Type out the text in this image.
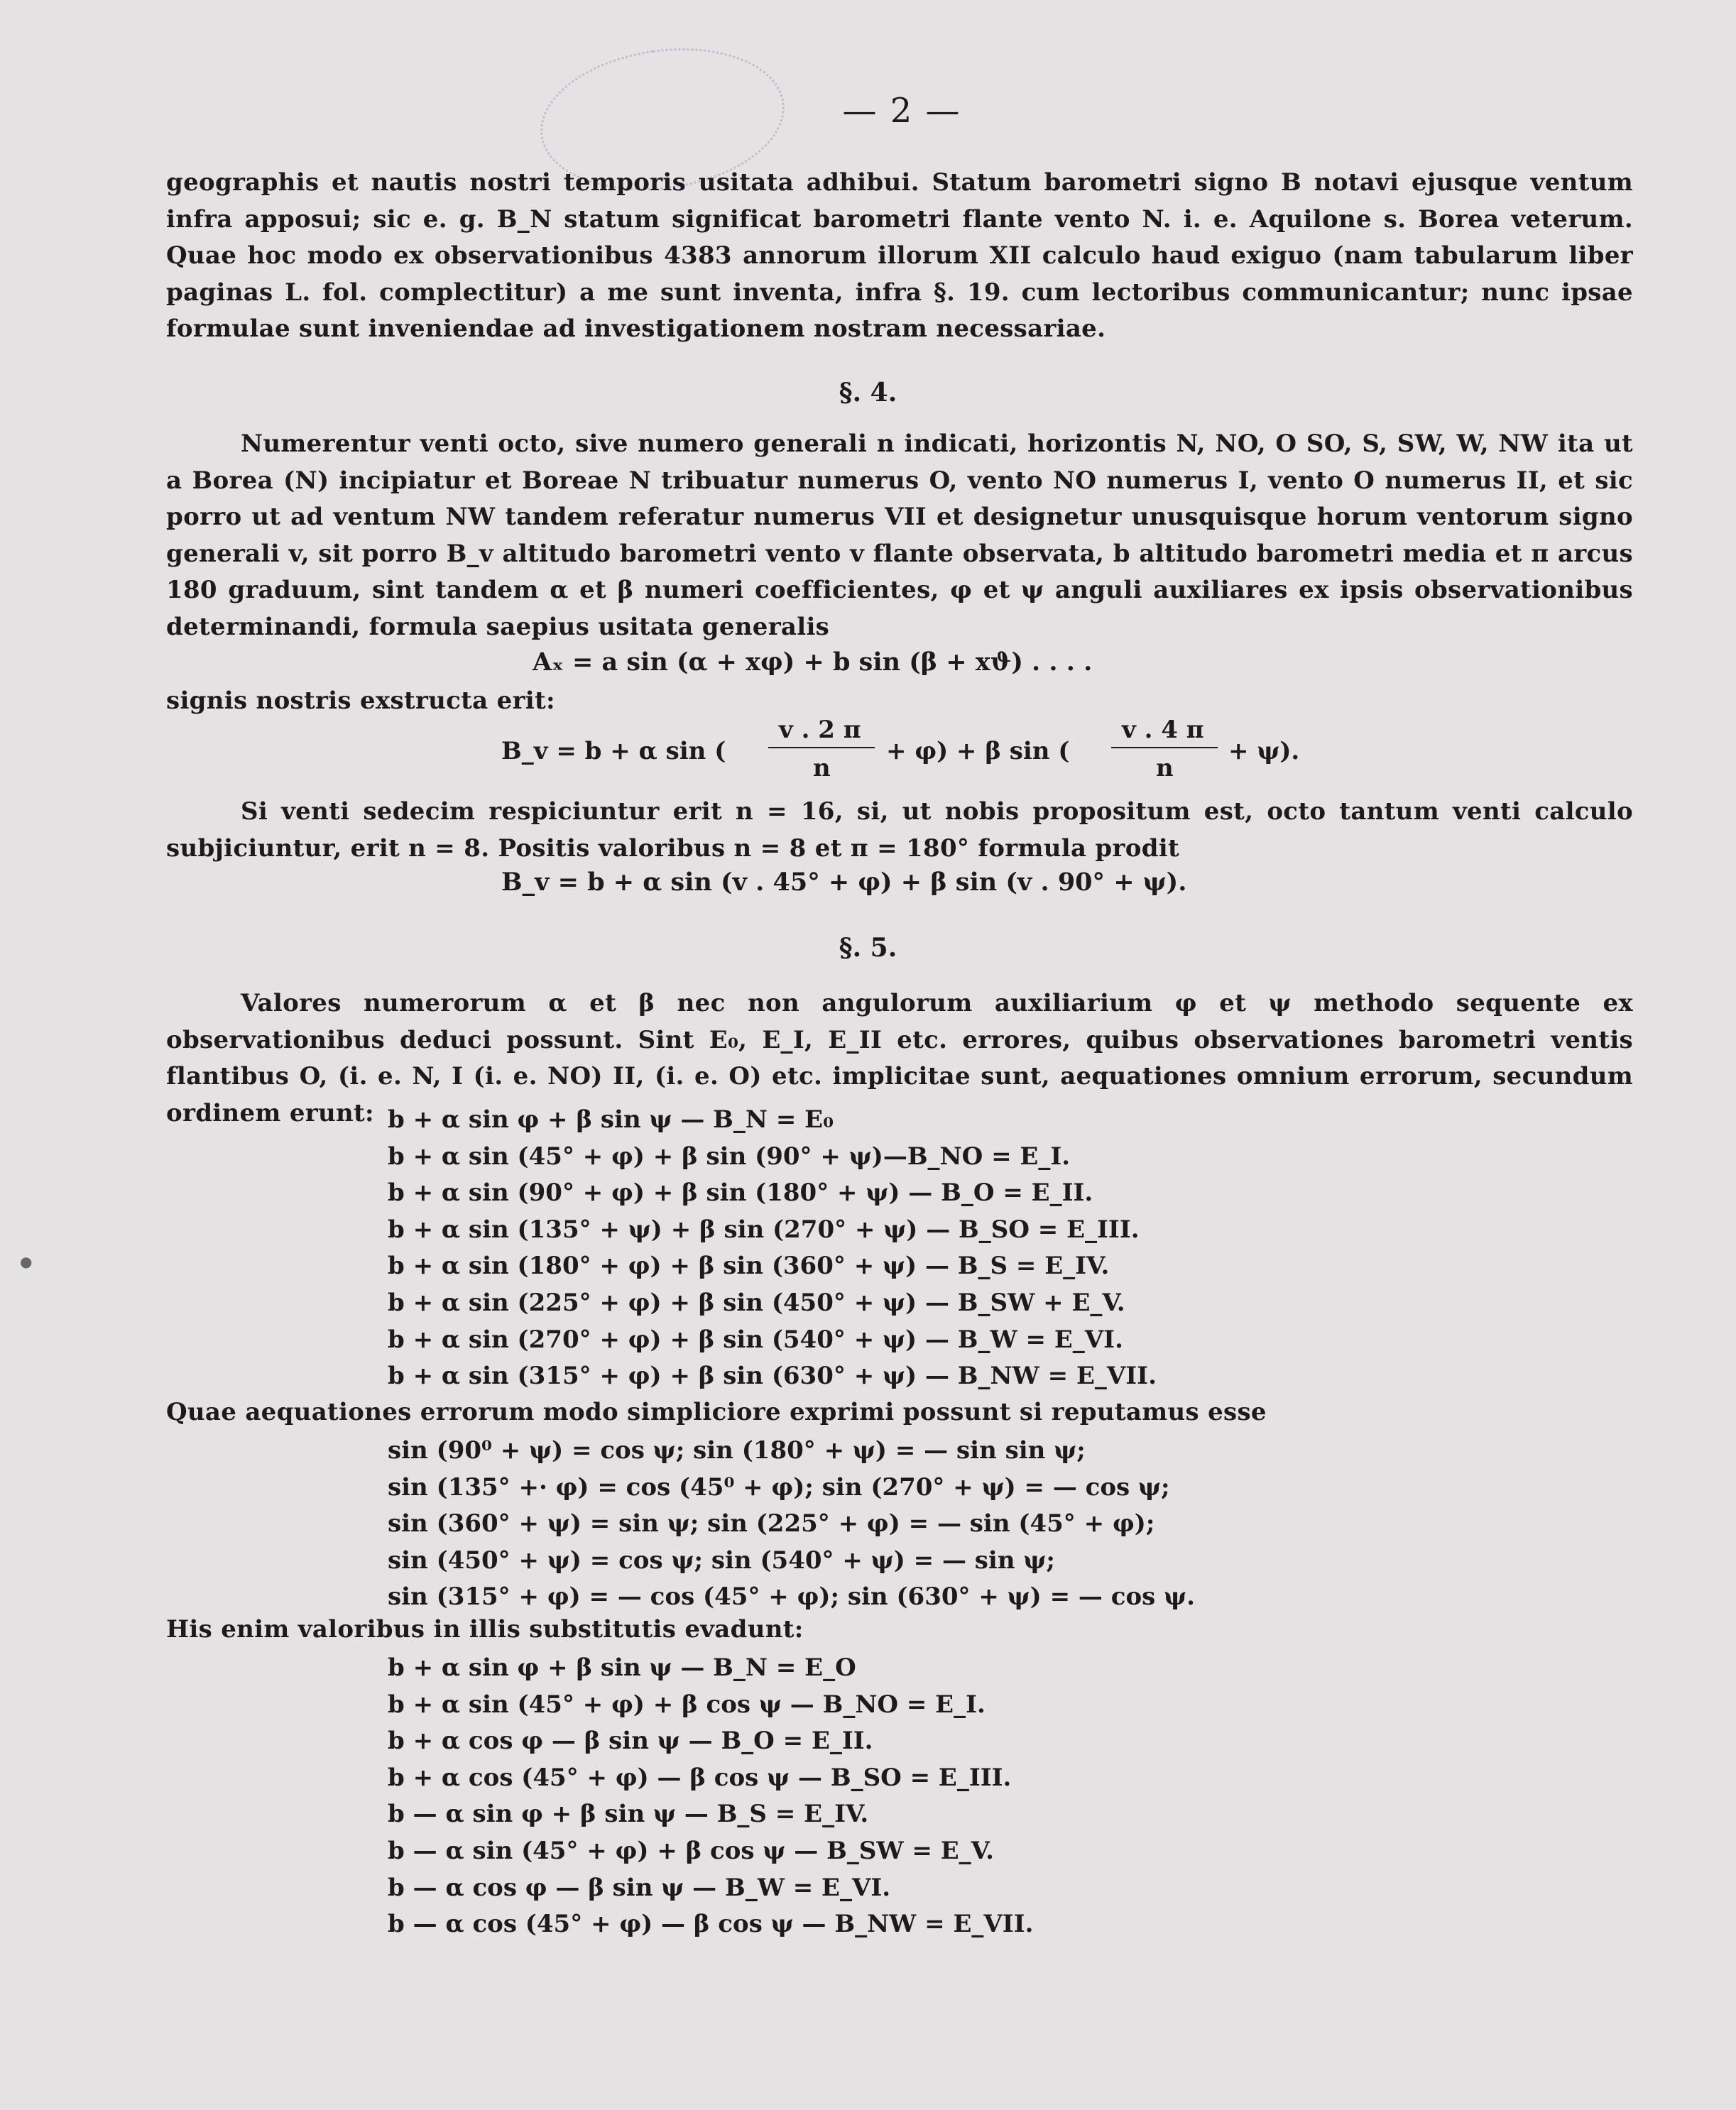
— 2 —
geographis et nautis nostri temporis usitata adhibui. Statum barometri signo B notavi ejusque ventum infra apposui; sic e. g. B_N statum significat barometri flante vento N. i. e. Aquilone s. Borea veterum. Quae hoc modo ex observationibus 4383 annorum illorum XII calculo haud exiguo (nam tabularum liber paginas L. fol. complectitur) a me sunt inventa, infra §. 19. cum lectoribus communicantur; nunc ipsae formulae sunt inveniendae ad investigationem nostram necessariae.
§. 4.
Numerentur venti octo, sive numero generali n indicati, horizontis N, NO, O SO, S, SW, W, NW ita ut a Borea (N) incipiatur et Boreae N tribuatur numerus O, vento NO numerus I, vento O numerus II, et sic porro ut ad ventum NW tandem referatur numerus VII et designetur unusquisque horum ventorum signo generali v, sit porro B_v altitudo barometri vento v flante observata, b altitudo barometri media et π arcus 180 graduum, sint tandem α et β numeri coefficientes, φ et ψ anguli auxiliares ex ipsis observationibus determinandi, formula saepius usitata generalis
Aₓ = a sin (α + xφ) + b sin (β + xϑ) . . . .
signis nostris exstructa erit:
B_v = b + α sin (
v . 2 π
n
+ φ) + β sin (
v . 4 π
n
+ ψ).
Si venti sedecim respiciuntur erit n = 16, si, ut nobis propositum est, octo tantum venti calculo subjiciuntur, erit n = 8. Positis valoribus n = 8 et π = 180° formula prodit
B_v = b + α sin (v . 45° + φ) + β sin (v . 90° + ψ).
§. 5.
Valores numerorum α et β nec non angulorum auxiliarium φ et ψ methodo sequente ex observationibus deduci possunt. Sint E₀, E_I, E_II etc. errores, quibus observationes barometri ventis flantibus O, (i. e. N, I (i. e. NO) II, (i. e. O) etc. implicitae sunt, aequationes omnium errorum, secundum ordinem erunt: b + α sin φ + β sin ψ — B_N = E₀
b + α sin (45° + φ) + β sin (90° + ψ)—B_NO = E_I.
b + α sin (90° + φ) + β sin (180° + ψ) — B_O = E_II.
b + α sin (135° + ψ) + β sin (270° + ψ) — B_SO = E_III.
b + α sin (180° + φ) + β sin (360° + ψ) — B_S = E_IV.
b + α sin (225° + φ) + β sin (450° + ψ) — B_SW + E_V.
b + α sin (270° + φ) + β sin (540° + ψ) — B_W = E_VI.
b + α sin (315° + φ) + β sin (630° + ψ) — B_NW = E_VII.
Quae aequationes errorum modo simpliciore exprimi possunt si reputamus esse
sin (90⁰ + ψ) = cos ψ; sin (180° + ψ) = — sin sin ψ;
sin (135° +· φ) = cos (45⁰ + φ); sin (270° + ψ) = — cos ψ;
sin (360° + ψ) = sin ψ; sin (225° + φ) = — sin (45° + φ);
sin (450° + ψ) = cos ψ; sin (540° + ψ) = — sin ψ;
sin (315° + φ) = — cos (45° + φ); sin (630° + ψ) = — cos ψ.
His enim valoribus in illis substitutis evadunt:
b + α sin φ + β sin ψ — B_N = E_O
b + α sin (45° + φ) + β cos ψ — B_NO = E_I.
b + α cos φ — β sin ψ — B_O = E_II.
b + α cos (45° + φ) — β cos ψ — B_SO = E_III.
b — α sin φ + β sin ψ — B_S = E_IV.
b — α sin (45° + φ) + β cos ψ — B_SW = E_V.
b — α cos φ — β sin ψ — B_W = E_VI.
b — α cos (45° + φ) — β cos ψ — B_NW = E_VII.
●
